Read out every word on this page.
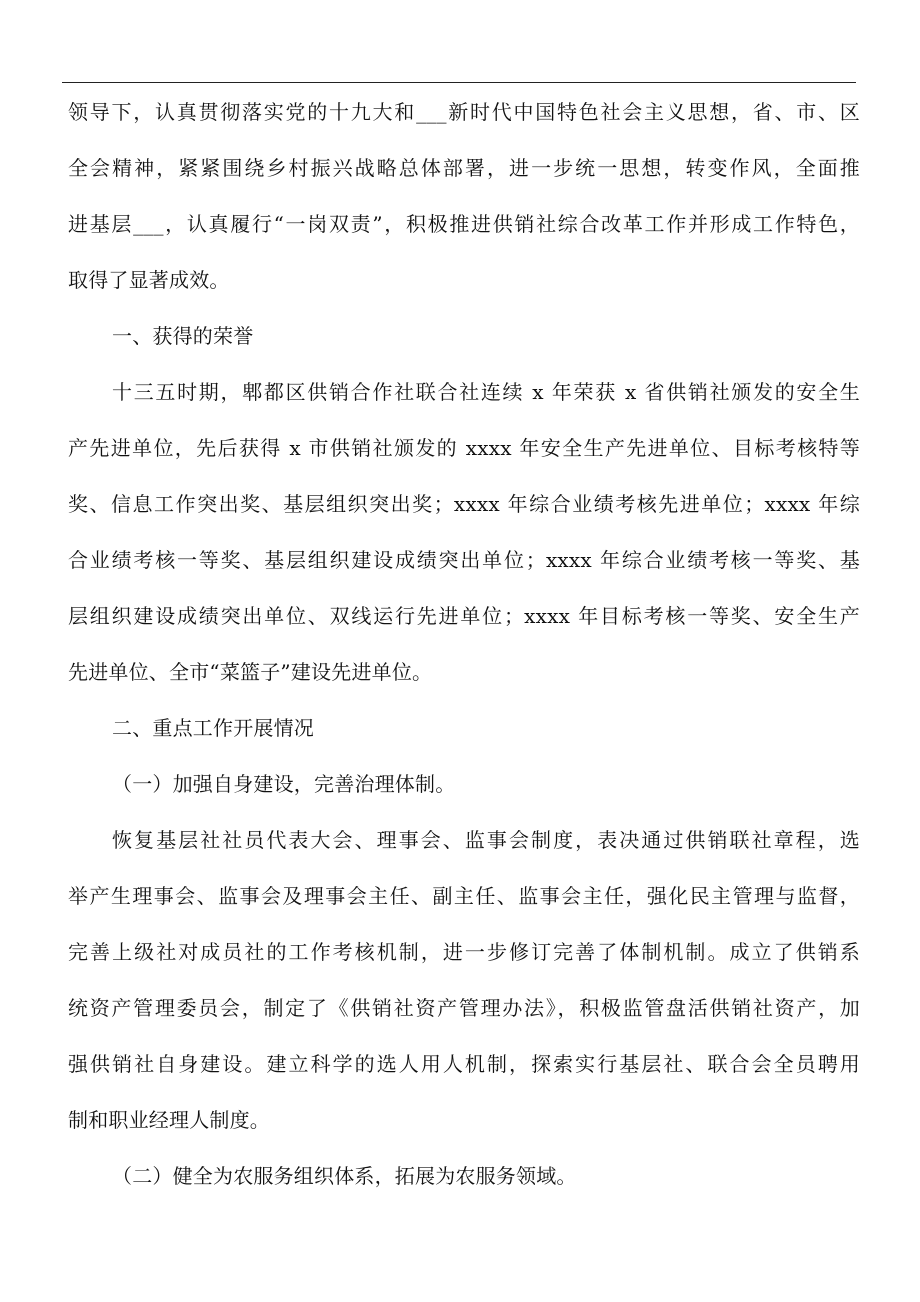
领导下，认真贯彻落实党的十九大和___新时代中国特色社会主义思想，省、市、区
全会精神，紧紧围绕乡村振兴战略总体部署，进一步统一思想，转变作风，全面推
进基层___，认真履行“一岗双责”，积极推进供销社综合改革工作并形成工作特色，
取得了显著成效。
一、获得的荣誉
十三五时期，郫都区供销合作社联合社连续 x 年荣获 x 省供销社颁发的安全生
产先进单位，先后获得 x 市供销社颁发的 xxxx 年安全生产先进单位、目标考核特等
奖、信息工作突出奖、基层组织突出奖；xxxx 年综合业绩考核先进单位；xxxx 年综
合业绩考核一等奖、基层组织建设成绩突出单位；xxxx 年综合业绩考核一等奖、基
层组织建设成绩突出单位、双线运行先进单位；xxxx 年目标考核一等奖、安全生产
先进单位、全市“菜篮子”建设先进单位。
二、重点工作开展情况
（一）加强自身建设，完善治理体制。
恢复基层社社员代表大会、理事会、监事会制度，表决通过供销联社章程，选
举产生理事会、监事会及理事会主任、副主任、监事会主任，强化民主管理与监督，
完善上级社对成员社的工作考核机制，进一步修订完善了体制机制。成立了供销系
统资产管理委员会，制定了《供销社资产管理办法》，积极监管盘活供销社资产，加
强供销社自身建设。建立科学的选人用人机制，探索实行基层社、联合会全员聘用
制和职业经理人制度。
（二）健全为农服务组织体系，拓展为农服务领域。
